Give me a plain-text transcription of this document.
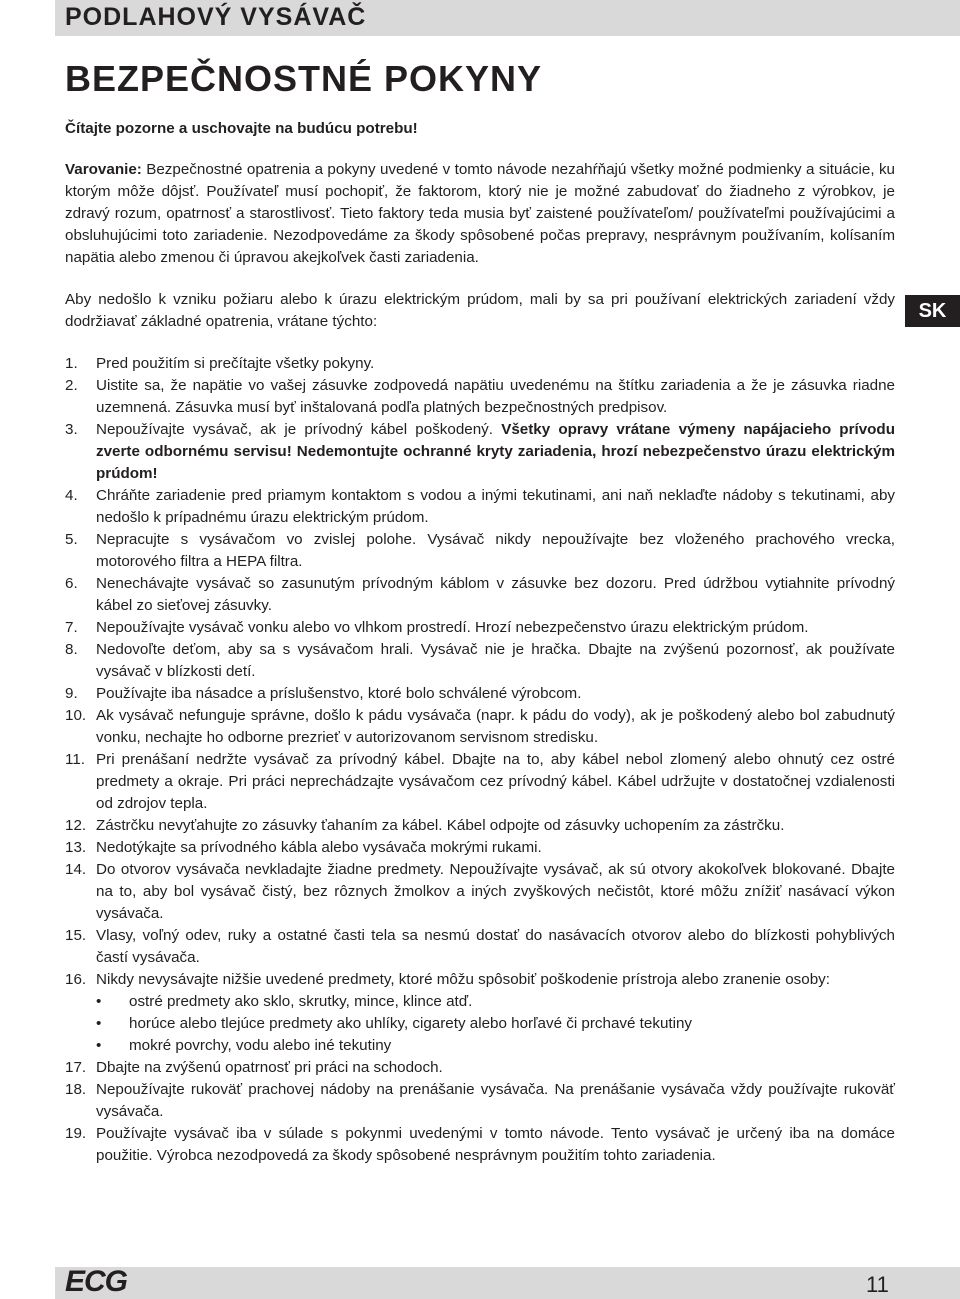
PODLAHOVÝ VYSÁVAČ
BEZPEČNOSTNÉ POKYNY
SK

Čítajte pozorne a uschovajte na budúcu potrebu!

Varovanie: Bezpečnostné opatrenia a pokyny uvedené v tomto návode nezahŕňajú všetky možné podmienky a situácie, ku ktorým môže dôjsť. Používateľ musí pochopiť, že faktorom, ktorý nie je možné zabudovať do žiadneho z výrobkov, je zdravý rozum, opatrnosť a starostlivosť. Tieto faktory teda musia byť zaistené používateľom/ používateľmi používajúcimi a obsluhujúcimi toto zariadenie. Nezodpovedáme za škody spôsobené počas prepravy, nesprávnym používaním, kolísaním napätia alebo zmenou či úpravou akejkoľvek časti zariadenia.

Aby nedošlo k vzniku požiaru alebo k úrazu elektrickým prúdom, mali by sa pri používaní elektrických zariadení vždy dodržiavať základné opatrenia, vrátane týchto:

1. Pred použitím si prečítajte všetky pokyny.
2. Uistite sa, že napätie vo vašej zásuvke zodpovedá napätiu uvedenému na štítku zariadenia a že je zásuvka riadne uzemnená. Zásuvka musí byť inštalovaná podľa platných bezpečnostných predpisov.
3. Nepoužívajte vysávač, ak je prívodný kábel poškodený. Všetky opravy vrátane výmeny napájacieho prívodu zverte odbornému servisu! Nedemontujte ochranné kryty zariadenia, hrozí nebezpečenstvo úrazu elektrickým prúdom!
4. Chráňte zariadenie pred priamym kontaktom s vodou a inými tekutinami, ani naň neklaďte nádoby s tekutinami, aby nedošlo k prípadnému úrazu elektrickým prúdom.
5. Nepracujte s vysávačom vo zvislej polohe. Vysávač nikdy nepoužívajte bez vloženého prachového vrecka, motorového filtra a HEPA filtra.
6. Nenechávajte vysávač so zasunutým prívodným káblom v zásuvke bez dozoru. Pred údržbou vytiahnite prívodný kábel zo sieťovej zásuvky.
7. Nepoužívajte vysávač vonku alebo vo vlhkom prostredí. Hrozí nebezpečenstvo úrazu elektrickým prúdom.
8. Nedovoľte deťom, aby sa s vysávačom hrali. Vysávač nie je hračka. Dbajte na zvýšenú pozornosť, ak používate vysávač v blízkosti detí.
9. Používajte iba násadce a príslušenstvo, ktoré bolo schválené výrobcom.
10. Ak vysávač nefunguje správne, došlo k pádu vysávača (napr. k pádu do vody), ak je poškodený alebo bol zabudnutý vonku, nechajte ho odborne prezrieť v autorizovanom servisnom stredisku.
11. Pri prenášaní nedržte vysávač za prívodný kábel. Dbajte na to, aby kábel nebol zlomený alebo ohnutý cez ostré predmety a okraje. Pri práci neprechádzajte vysávačom cez prívodný kábel. Kábel udržujte v dostatočnej vzdialenosti od zdrojov tepla.
12. Zástrčku nevyťahujte zo zásuvky ťahaním za kábel. Kábel odpojte od zásuvky uchopením za zástrčku.
13. Nedotýkajte sa prívodného kábla alebo vysávača mokrými rukami.
14. Do otvorov vysávača nevkladajte žiadne predmety. Nepoužívajte vysávač, ak sú otvory akokoľvek blokované. Dbajte na to, aby bol vysávač čistý, bez rôznych žmolkov a iných zvyškových nečistôt, ktoré môžu znížiť nasávací výkon vysávača.
15. Vlasy, voľný odev, ruky a ostatné časti tela sa nesmú dostať do nasávacích otvorov alebo do blízkosti pohyblivých častí vysávača.
16. Nikdy nevysávajte nižšie uvedené predmety, ktoré môžu spôsobiť poškodenie prístroja alebo zranenie osoby:
• ostré predmety ako sklo, skrutky, mince, klince atď.
• horúce alebo tlejúce predmety ako uhlíky, cigarety alebo horľavé či prchavé tekutiny
• mokré povrchy, vodu alebo iné tekutiny
17. Dbajte na zvýšenú opatrnosť pri práci na schodoch.
18. Nepoužívajte rukoväť prachovej nádoby na prenášanie vysávača. Na prenášanie vysávača vždy používajte rukoväť vysávača.
19. Používajte vysávač iba v súlade s pokynmi uvedenými v tomto návode. Tento vysávač je určený iba na domáce použitie. Výrobca nezodpovedá za škody spôsobené nesprávnym použitím tohto zariadenia.
ECG	11
